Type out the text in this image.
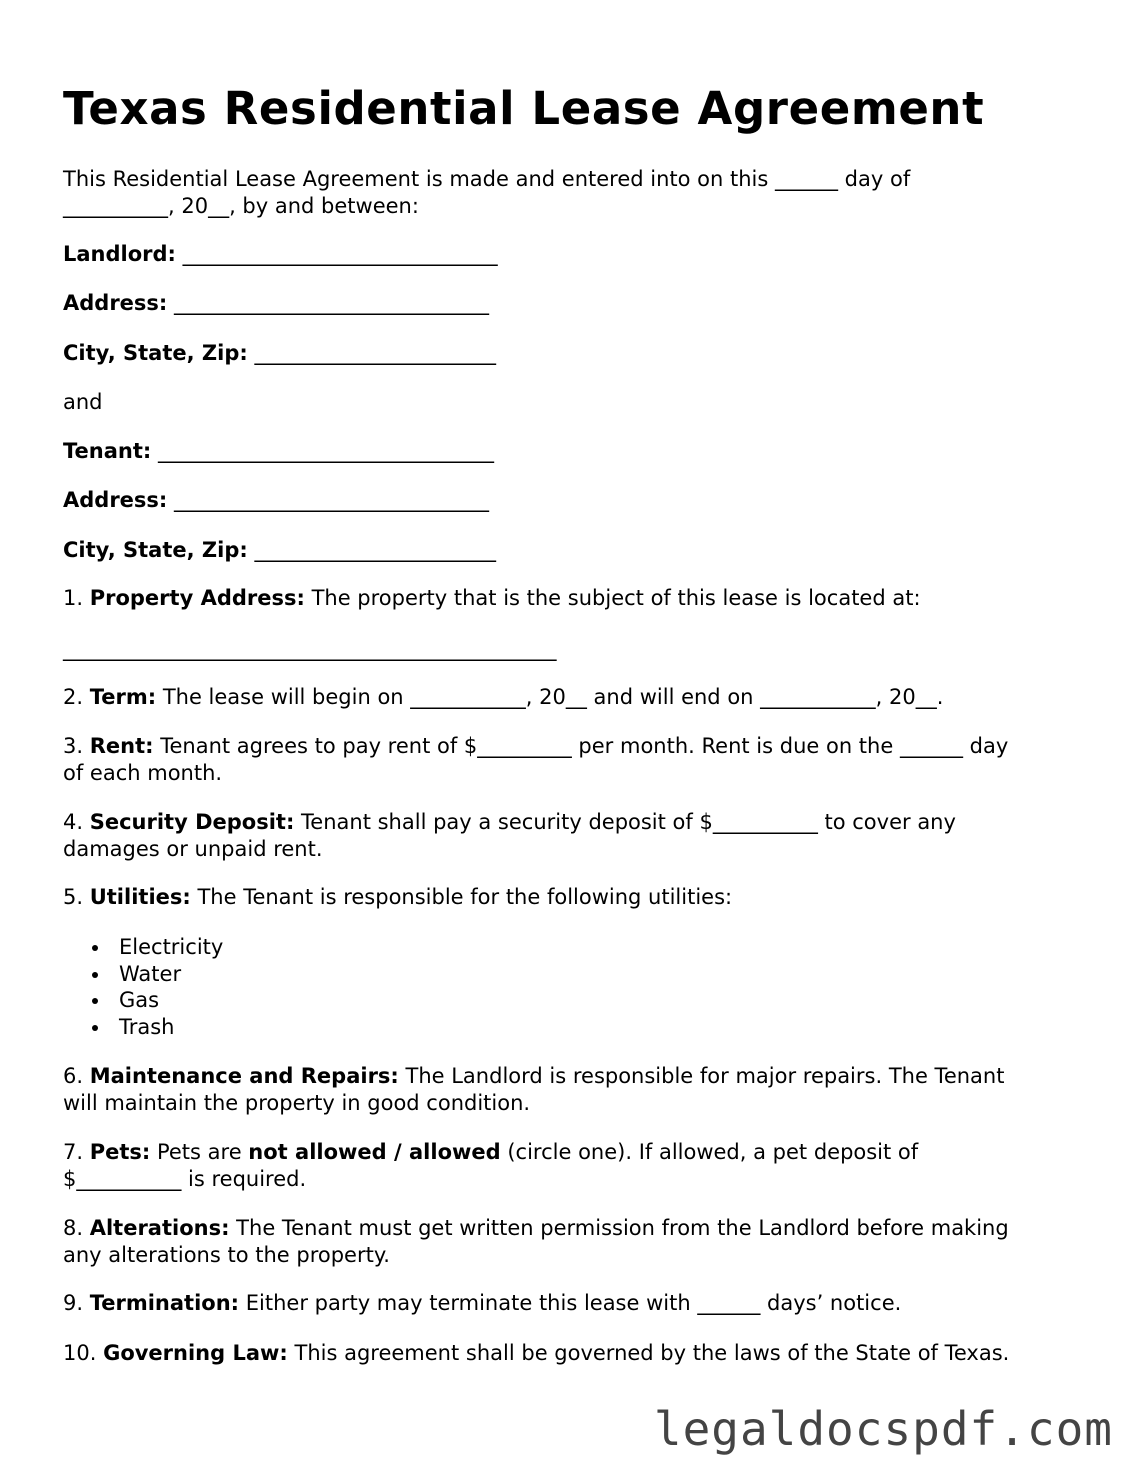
Texas Residential Lease Agreement
This Residential Lease Agreement is made and entered into on this ______ day of
__________, 20__, by and between:
Landlord: ______________________________
Address: ______________________________
City, State, Zip: _______________________
and
Tenant: ________________________________
Address: ______________________________
City, State, Zip: _______________________
1. Property Address: The property that is the subject of this lease is located at:
_______________________________________________
2. Term: The lease will begin on ___________, 20__ and will end on ___________, 20__.
3. Rent: Tenant agrees to pay rent of $_________ per month. Rent is due on the ______ day
of each month.
4. Security Deposit: Tenant shall pay a security deposit of $__________ to cover any
damages or unpaid rent.
5. Utilities: The Tenant is responsible for the following utilities:
Electricity
Water
Gas
Trash
6. Maintenance and Repairs: The Landlord is responsible for major repairs. The Tenant
will maintain the property in good condition.
7. Pets: Pets are not allowed / allowed (circle one). If allowed, a pet deposit of
$__________ is required.
8. Alterations: The Tenant must get written permission from the Landlord before making
any alterations to the property.
9. Termination: Either party may terminate this lease with ______ days’ notice.
10. Governing Law: This agreement shall be governed by the laws of the State of Texas.
legaldocspdf.com
